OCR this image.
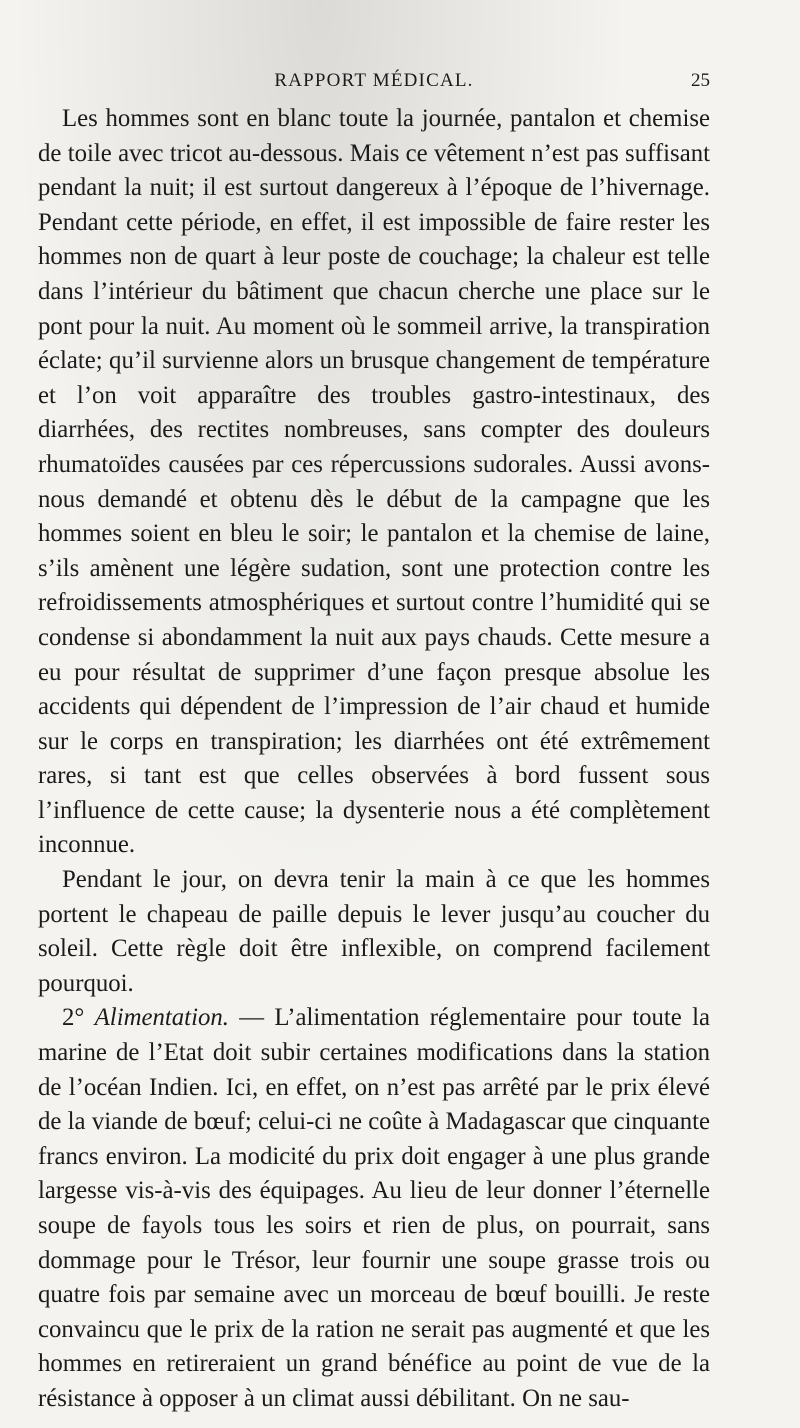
RAPPORT MÉDICAL.	25

Les hommes sont en blanc toute la journée, pantalon et chemise de toile avec tricot au-dessous. Mais ce vêtement n’est pas suffisant pendant la nuit; il est surtout dangereux à l’époque de l’hivernage. Pendant cette période, en effet, il est impossible de faire rester les hommes non de quart à leur poste de couchage; la chaleur est telle dans l’intérieur du bâtiment que chacun cherche une place sur le pont pour la nuit. Au moment où le sommeil arrive, la transpiration éclate; qu’il survienne alors un brusque changement de température et l’on voit apparaître des troubles gastro-intestinaux, des diarrhées, des rectites nombreuses, sans compter des douleurs rhumatoïdes causées par ces répercussions sudorales. Aussi avons-nous demandé et obtenu dès le début de la campagne que les hommes soient en bleu le soir; le pantalon et la chemise de laine, s’ils amènent une légère sudation, sont une protection contre les refroidissements atmosphériques et surtout contre l’humidité qui se condense si abondamment la nuit aux pays chauds. Cette mesure a eu pour résultat de supprimer d’une façon presque absolue les accidents qui dépendent de l’impression de l’air chaud et humide sur le corps en transpiration; les diarrhées ont été extrêmement rares, si tant est que celles observées à bord fussent sous l’influence de cette cause; la dysenterie nous a été complètement inconnue.

Pendant le jour, on devra tenir la main à ce que les hommes portent le chapeau de paille depuis le lever jusqu’au coucher du soleil. Cette règle doit être inflexible, on comprend facilement pourquoi.

2° Alimentation. — L’alimentation réglementaire pour toute la marine de l’Etat doit subir certaines modifications dans la station de l’océan Indien. Ici, en effet, on n’est pas arrêté par le prix élevé de la viande de bœuf; celui-ci ne coûte à Madagascar que cinquante francs environ. La modicité du prix doit engager à une plus grande largesse vis-à-vis des équipages. Au lieu de leur donner l’éternelle soupe de fayols tous les soirs et rien de plus, on pourrait, sans dommage pour le Trésor, leur fournir une soupe grasse trois ou quatre fois par semaine avec un morceau de bœuf bouilli. Je reste convaincu que le prix de la ration ne serait pas augmenté et que les hommes en retireraient un grand bénéfice au point de vue de la résistance à opposer à un climat aussi débilitant. On ne sau-
